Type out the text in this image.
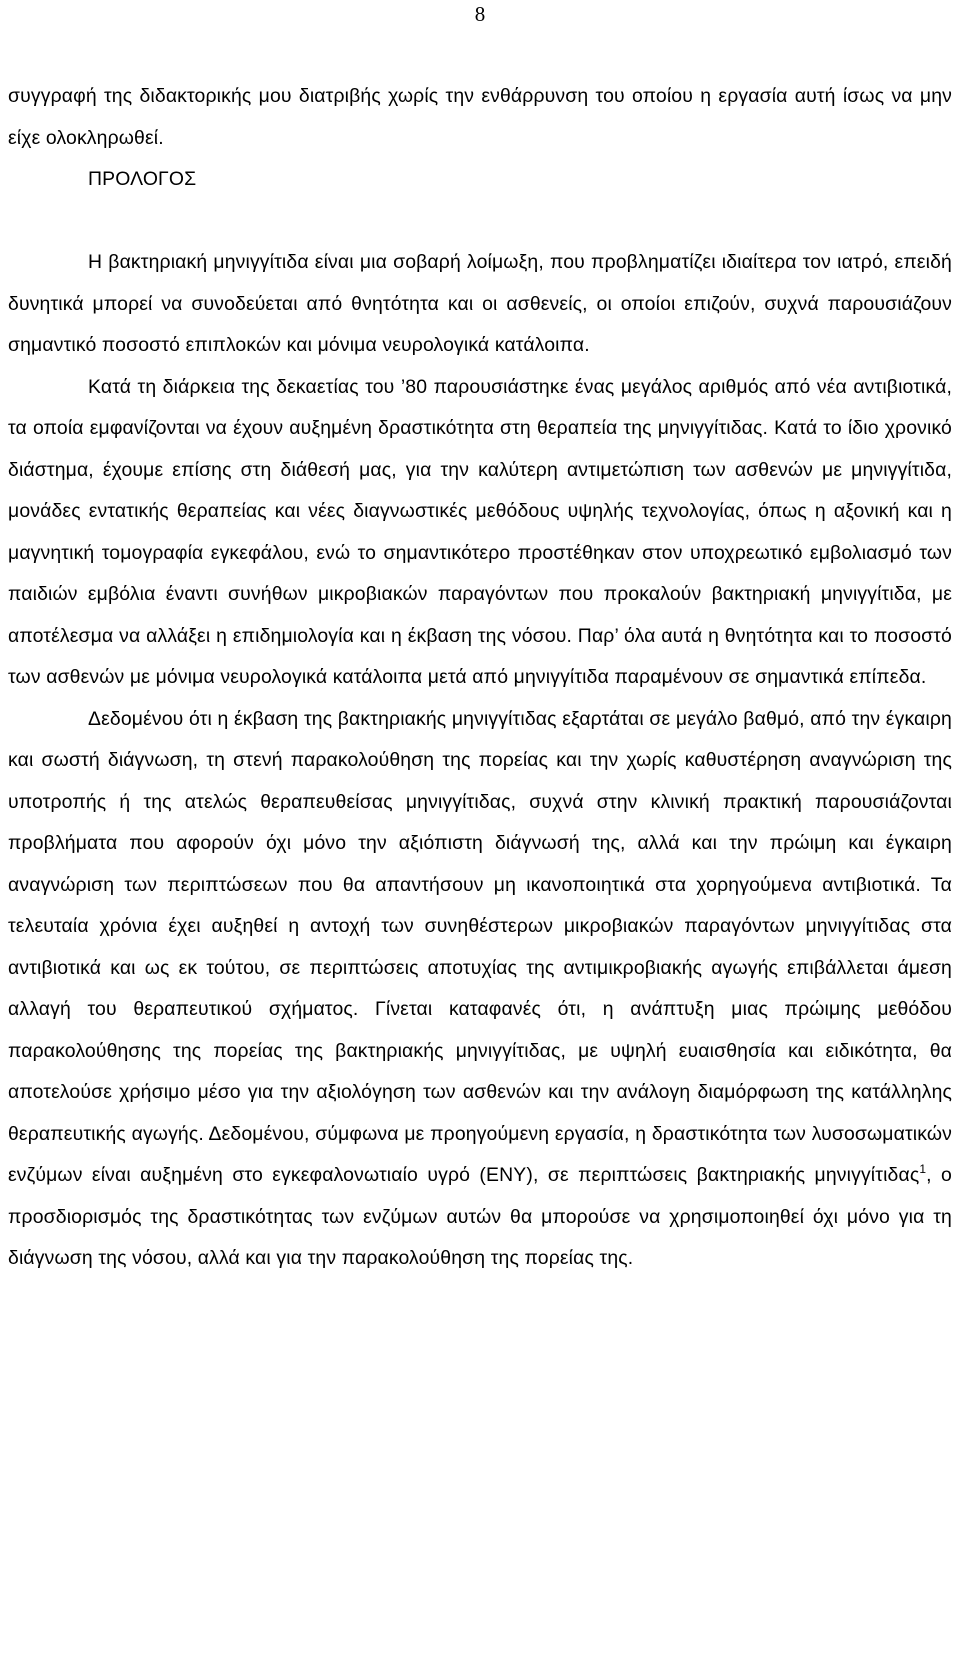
8

συγγραφή της διδακτορικής μου διατριβής χωρίς την ενθάρρυνση του οποίου η εργασία αυτή ίσως να μην είχε ολοκληρωθεί.

ΠΡΟΛΟΓΟΣ

Η βακτηριακή μηνιγγίτιδα είναι μια σοβαρή λοίμωξη, που προβληματίζει ιδιαίτερα τον ιατρό, επειδή δυνητικά μπορεί να συνοδεύεται από θνητότητα και οι ασθενείς, οι οποίοι επιζούν, συχνά παρουσιάζουν σημαντικό ποσοστό επιπλοκών και μόνιμα νευρολογικά κατάλοιπα.

Κατά τη διάρκεια της δεκαετίας του ’80 παρουσιάστηκε ένας μεγάλος αριθμός από νέα αντιβιοτικά, τα οποία εμφανίζονται να έχουν αυξημένη δραστικότητα στη θεραπεία της μηνιγγίτιδας. Κατά το ίδιο χρονικό διάστημα, έχουμε επίσης στη διάθεσή μας, για την καλύτερη αντιμετώπιση των ασθενών με μηνιγγίτιδα, μονάδες εντατικής θεραπείας και νέες διαγνωστικές μεθόδους υψηλής τεχνολογίας, όπως η αξονική και η μαγνητική τομογραφία εγκεφάλου, ενώ το σημαντικότερο προστέθηκαν στον υποχρεωτικό εμβολιασμό των παιδιών εμβόλια έναντι συνήθων μικροβιακών παραγόντων που προκαλούν βακτηριακή μηνιγγίτιδα, με αποτέλεσμα να αλλάξει η επιδημιολογία και η έκβαση της νόσου. Παρ’ όλα αυτά η θνητότητα και το ποσοστό των ασθενών με μόνιμα νευρολογικά κατάλοιπα μετά από μηνιγγίτιδα παραμένουν σε σημαντικά επίπεδα.

Δεδομένου ότι η έκβαση της βακτηριακής μηνιγγίτιδας εξαρτάται σε μεγάλο βαθμό, από την έγκαιρη και σωστή διάγνωση, τη στενή παρακολούθηση της πορείας και την χωρίς καθυστέρηση αναγνώριση της υποτροπής ή της ατελώς θεραπευθείσας μηνιγγίτιδας, συχνά στην κλινική πρακτική παρουσιάζονται προβλήματα που αφορούν όχι μόνο την αξιόπιστη διάγνωσή της, αλλά και την πρώιμη και έγκαιρη αναγνώριση των περιπτώσεων που θα απαντήσουν μη ικανοποιητικά στα χορηγούμενα αντιβιοτικά. Τα τελευταία χρόνια έχει αυξηθεί η αντοχή των συνηθέστερων μικροβιακών παραγόντων μηνιγγίτιδας στα αντιβιοτικά και ως εκ τούτου, σε περιπτώσεις αποτυχίας της αντιμικροβιακής αγωγής επιβάλλεται άμεση αλλαγή του θεραπευτικού σχήματος. Γίνεται καταφανές ότι, η ανάπτυξη μιας πρώιμης μεθόδου παρακολούθησης της πορείας της βακτηριακής μηνιγγίτιδας, με υψηλή ευαισθησία και ειδικότητα, θα αποτελούσε χρήσιμο μέσο για την αξιολόγηση των ασθενών και την ανάλογη διαμόρφωση της κατάλληλης θεραπευτικής αγωγής. Δεδομένου, σύμφωνα με προηγούμενη εργασία, η δραστικότητα των λυσοσωματικών ενζύμων είναι αυξημένη στο εγκεφαλονωτιαίο υγρό (ΕΝΥ), σε περιπτώσεις βακτηριακής μηνιγγίτιδας$^1$, ο προσδιορισμός της δραστικότητας των ενζύμων αυτών θα μπορούσε να χρησιμοποιηθεί όχι μόνο για τη διάγνωση της νόσου, αλλά και για την παρακολούθηση της πορείας της.
